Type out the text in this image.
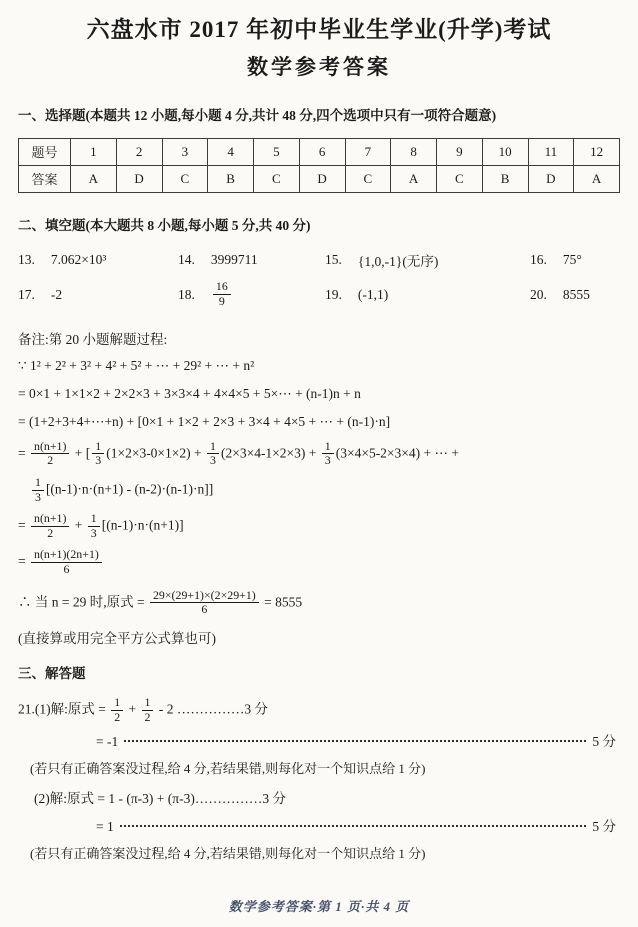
六盘水市 2017 年初中毕业生学业(升学)考试
数学参考答案
一、选择题(本题共 12 小题,每小题 4 分,共计 48 分,四个选项中只有一项符合题意)
题号	1	2	3	4	5	6	7	8	9	10	11	12
答案	A	D	C	B	C	D	C	A	C	B	D	A
二、填空题(本大题共 8 小题,每小题 5 分,共 40 分)
13. 7.062×10³	14. 3999711	15. {1,0,-1}(无序)	16. 75°
17. -2	18. $\frac{16}{9}$	19. (-1,1)	20. 8555
备注:第 20 小题解题过程:
∵ 1² + 2² + 3² + 4² + 5² + ⋯ + 29² + ⋯ + n²
= 0×1 + 1×1×2 + 2×2×3 + 3×3×4 + 4×4×5 + 5×⋯ + (n-1)n + n
= (1+2+3+4+⋯+n) + [0×1 + 1×2 + 2×3 + 3×4 + 4×5 + ⋯ + (n-1)·n]
= $\frac{n(n+1)}{2}$ + [ $\frac{1}{3} (1\times 2\times 3-0\times 1\times 2) + \frac{1}{3} (2\times 3\times 4-1\times 2\times 3) + \frac{1}{3} (3\times 4\times 5-2\times 3\times 4)$ + ⋯ +
$\frac{1}{3} [(n-1)\cdot n\cdot(n+1) - (n-2)\cdot(n-1)\cdot n]$]
= $\frac{n(n+1)}{2} + \frac{1}{3} [(n-1)\cdot n\cdot(n+1)]$
= $\frac{n(n+1)(2n+1)}{6}$
∴ 当 n = 29 时,原式 = $\frac{29\times(29+1)\times(2\times 29+1)}{6} = 8555$
(直接算或用完全平方公式算也可)
三、解答题
21.(1)解:原式 = $\frac{1}{2} + \frac{1}{2} - 2$ ……………3 分
= -1	5 分
(若只有正确答案没过程,给 4 分,若结果错,则每化对一个知识点给 1 分)
(2)解:原式 = 1 - (π-3) + (π-3)……………3 分
= 1	5 分
(若只有正确答案没过程,给 4 分,若结果错,则每化对一个知识点给 1 分)
数学参考答案·第 1 页·共 4 页
